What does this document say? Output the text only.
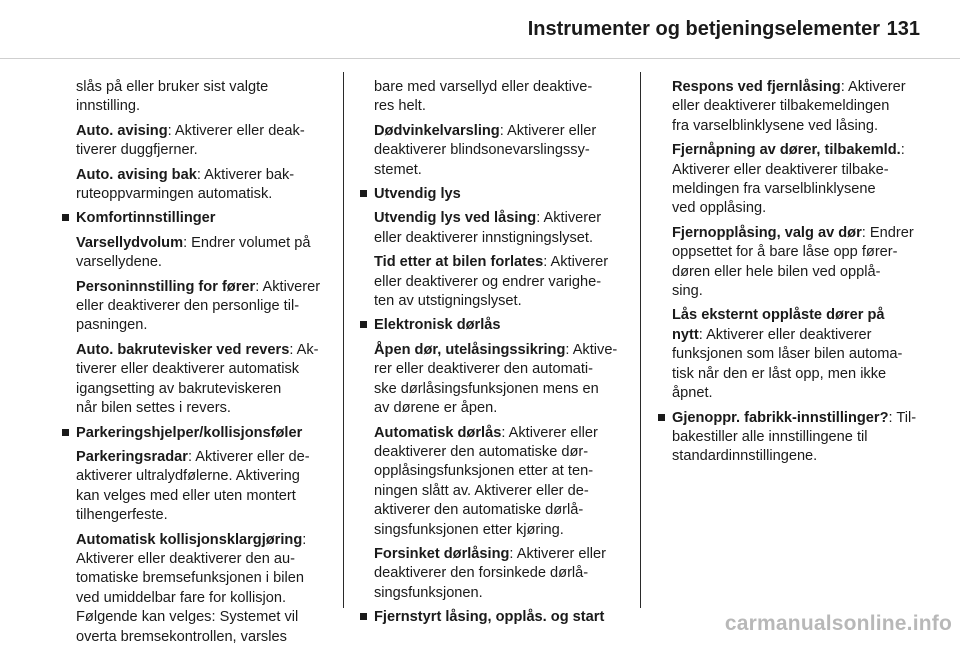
Instrumenter og betjeningselementer 131

slås på eller bruker sist valgte
innstilling.

Auto. avising: Aktiverer eller deak-
tiverer duggfjerner.

Auto. avising bak: Aktiverer bak-
ruteoppvarmingen automatisk.

Komfortinnstillinger

Varsellydvolum: Endrer volumet på
varsellydene.

Personinnstilling for fører: Aktiverer
eller deaktiverer den personlige til-
pasningen.

Auto. bakrutevisker ved revers: Ak-
tiverer eller deaktiverer automatisk
igangsetting av bakruteviskeren
når bilen settes i revers.

Parkeringshjelper/kollisjonsføler

Parkeringsradar: Aktiverer eller de-
aktiverer ultralydfølerne. Aktivering
kan velges med eller uten montert
tilhengerfeste.

Automatisk kollisjonsklargjøring:
Aktiverer eller deaktiverer den au-
tomatiske bremsefunksjonen i bilen
ved umiddelbar fare for kollisjon.
Følgende kan velges: Systemet vil
overta bremsekontrollen, varsles

bare med varsellyd eller deaktive-
res helt.

Dødvinkelvarsling: Aktiverer eller
deaktiverer blindsonevarslingssy-
stemet.

Utvendig lys

Utvendig lys ved låsing: Aktiverer
eller deaktiverer innstigningslyset.

Tid etter at bilen forlates: Aktiverer
eller deaktiverer og endrer varighe-
ten av utstigningslyset.

Elektronisk dørlås

Åpen dør, utelåsingssikring: Aktive-
rer eller deaktiverer den automati-
ske dørlåsingsfunksjonen mens en
av dørene er åpen.

Automatisk dørlås: Aktiverer eller
deaktiverer den automatiske dør-
opplåsingsfunksjonen etter at ten-
ningen slått av. Aktiverer eller de-
aktiverer den automatiske dørlå-
singsfunksjonen etter kjøring.

Forsinket dørlåsing: Aktiverer eller
deaktiverer den forsinkede dørlå-
singsfunksjonen.

Fjernstyrt låsing, opplås. og start

Respons ved fjernlåsing: Aktiverer
eller deaktiverer tilbakemeldingen
fra varselblinklysene ved låsing.

Fjernåpning av dører, tilbakemld.:
Aktiverer eller deaktiverer tilbake-
meldingen fra varselblinklysene
ved opplåsing.

Fjernopplåsing, valg av dør: Endrer
oppsettet for å bare låse opp fører-
døren eller hele bilen ved opplå-
sing.

Lås eksternt opplåste dører på
nytt: Aktiverer eller deaktiverer
funksjonen som låser bilen automa-
tisk når den er låst opp, men ikke
åpnet.

Gjenoppr. fabrikk-innstillinger?: Til-
bakestiller alle innstillingene til
standardinnstillingene.
carmanualsonline.info
